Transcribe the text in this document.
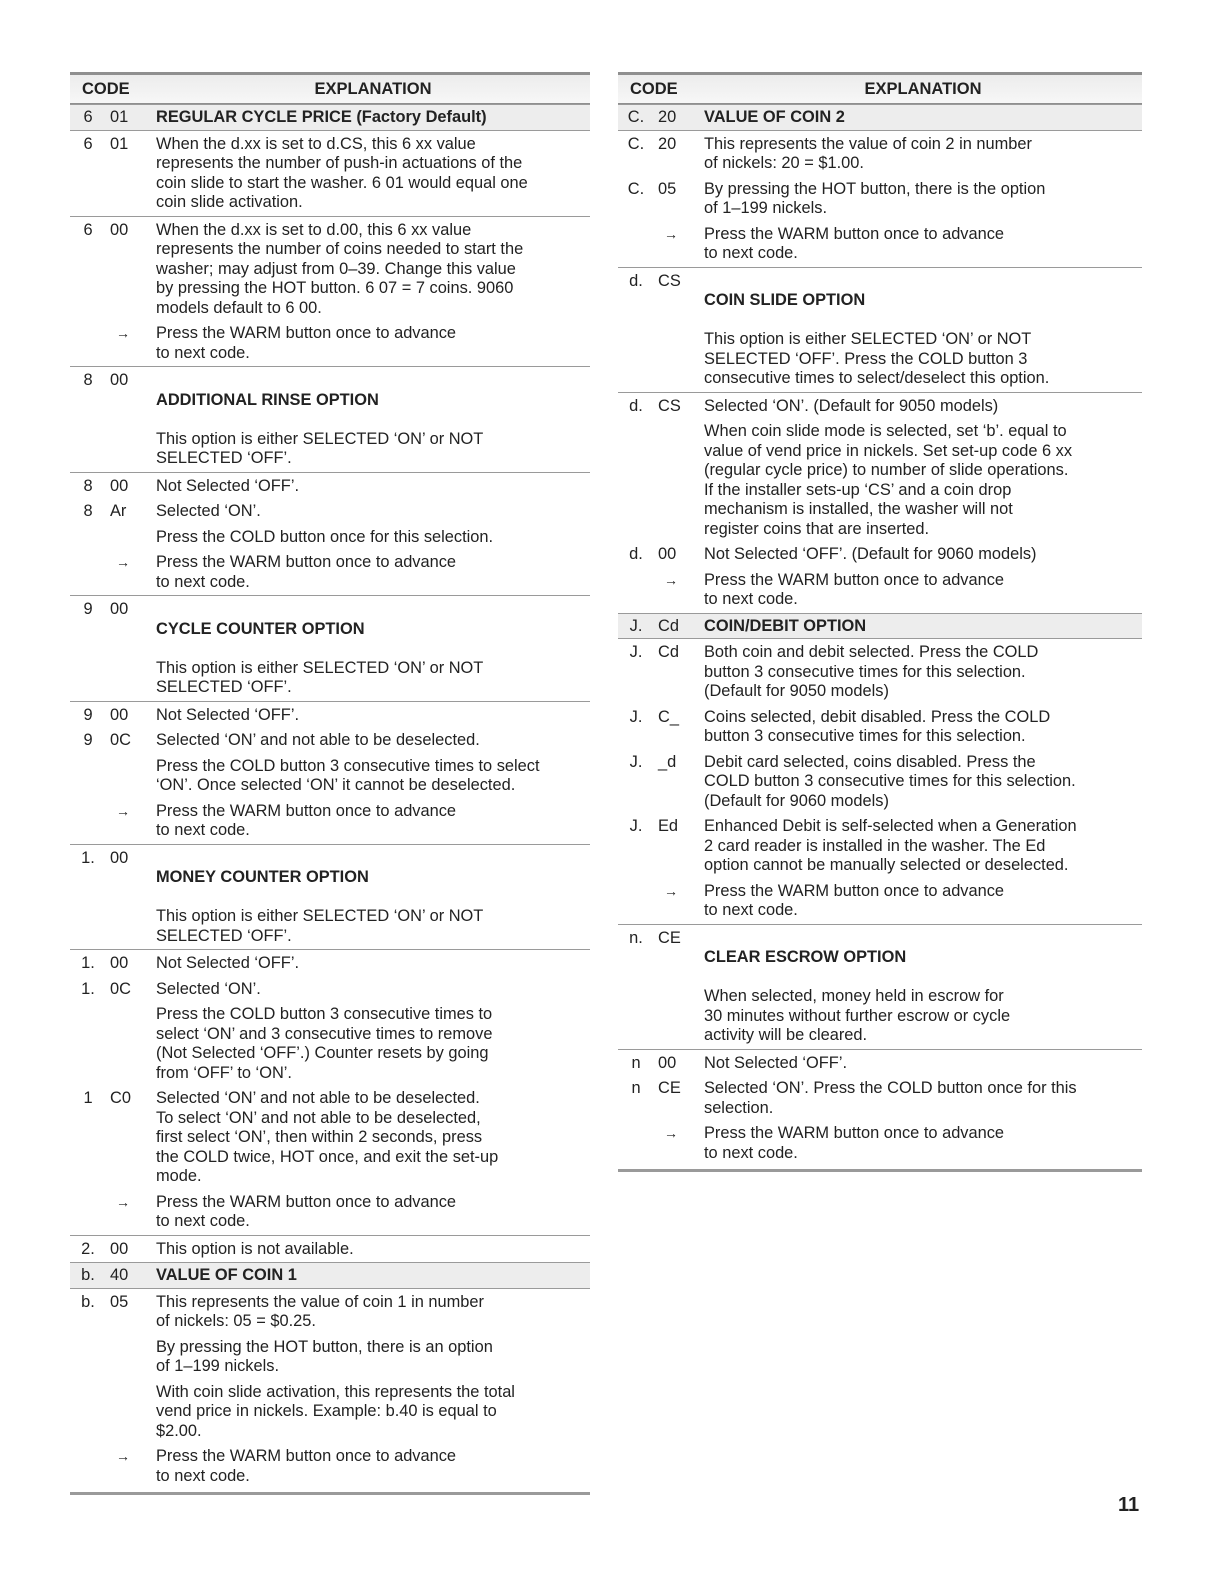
CODE	EXPLANATION
6	01	REGULAR CYCLE PRICE (Factory Default)
6	01	When the d.xx is set to d.CS, this 6 xx value
represents the number of push-in actuations of the
coin slide to start the washer. 6 01 would equal one
coin slide activation.
6	00	When the d.xx is set to d.00, this 6 xx value
represents the number of coins needed to start the
washer; may adjust from 0–39. Change this value
by pressing the HOT button. 6 07 = 7 coins. 9060
models default to 6 00.
→	Press the WARM button once to advance
to next code.
8	00

ADDITIONAL RINSE OPTION

This option is either SELECTED ‘ON’ or NOT
SELECTED ‘OFF’.

8	00	Not Selected ‘OFF’.
8	Ar	Selected ‘ON’.
Press the COLD button once for this selection.
→	Press the WARM button once to advance
to next code.
9	00

CYCLE COUNTER OPTION

This option is either SELECTED ‘ON’ or NOT
SELECTED ‘OFF’.

9	00	Not Selected ‘OFF’.
9	0C	Selected ‘ON’ and not able to be deselected.
Press the COLD button 3 consecutive times to select
‘ON’. Once selected ‘ON’ it cannot be deselected.
→	Press the WARM button once to advance
to next code.
1. 00

MONEY COUNTER OPTION

This option is either SELECTED ‘ON’ or NOT
SELECTED ‘OFF’.

1. 00	Not Selected ‘OFF’.
1. 0C	Selected ‘ON’.
Press the COLD button 3 consecutive times to
select ‘ON’ and 3 consecutive times to remove
(Not Selected ‘OFF’.) Counter resets by going
from ‘OFF’ to ‘ON’.
1	C0	Selected ‘ON’ and not able to be deselected.
To select ‘ON’ and not able to be deselected,
first select ‘ON’, then within 2 seconds, press
the COLD twice, HOT once, and exit the set-up
mode.
→	Press the WARM button once to advance
to next code.
2. 00	This option is not available.
b. 40	VALUE OF COIN 1
b. 05	This represents the value of coin 1 in number
of nickels: 05 = $0.25.
By pressing the HOT button, there is an option
of 1–199 nickels.
With coin slide activation, this represents the total
vend price in nickels. Example: b.40 is equal to
$2.00.
→	Press the WARM button once to advance
to next code.
CODE	EXPLANATION
C. 20	VALUE OF COIN 2
C. 20	This represents the value of coin 2 in number
of nickels: 20 = $1.00.
C. 05	By pressing the HOT button, there is the option
of 1–199 nickels.
→	Press the WARM button once to advance
to next code.
d. CS

COIN SLIDE OPTION

This option is either SELECTED ‘ON’ or NOT
SELECTED ‘OFF’. Press the COLD button 3
consecutive times to select/deselect this option.

d. CS	Selected ‘ON’. (Default for 9050 models)
When coin slide mode is selected, set ‘b’. equal to
value of vend price in nickels. Set set-up code 6 xx
(regular cycle price) to number of slide operations.
If the installer sets-up ‘CS’ and a coin drop
mechanism is installed, the washer will not
register coins that are inserted.
d. 00	Not Selected ‘OFF’. (Default for 9060 models)
→	Press the WARM button once to advance
to next code.
J. Cd	COIN/DEBIT OPTION
J. Cd	Both coin and debit selected. Press the COLD
button 3 consecutive times for this selection.
(Default for 9050 models)
J. C_	Coins selected, debit disabled. Press the COLD
button 3 consecutive times for this selection.
J. _d	Debit card selected, coins disabled. Press the
COLD button 3 consecutive times for this selection.
(Default for 9060 models)
J. Ed	Enhanced Debit is self-selected when a Generation
2 card reader is installed in the washer. The Ed
option cannot be manually selected or deselected.
→	Press the WARM button once to advance
to next code.
n. CE

CLEAR ESCROW OPTION

When selected, money held in escrow for
30 minutes without further escrow or cycle
activity will be cleared.

n	00	Not Selected ‘OFF’.
n	CE	Selected ‘ON’. Press the COLD button once for this
selection.
→	Press the WARM button once to advance
to next code.
11
